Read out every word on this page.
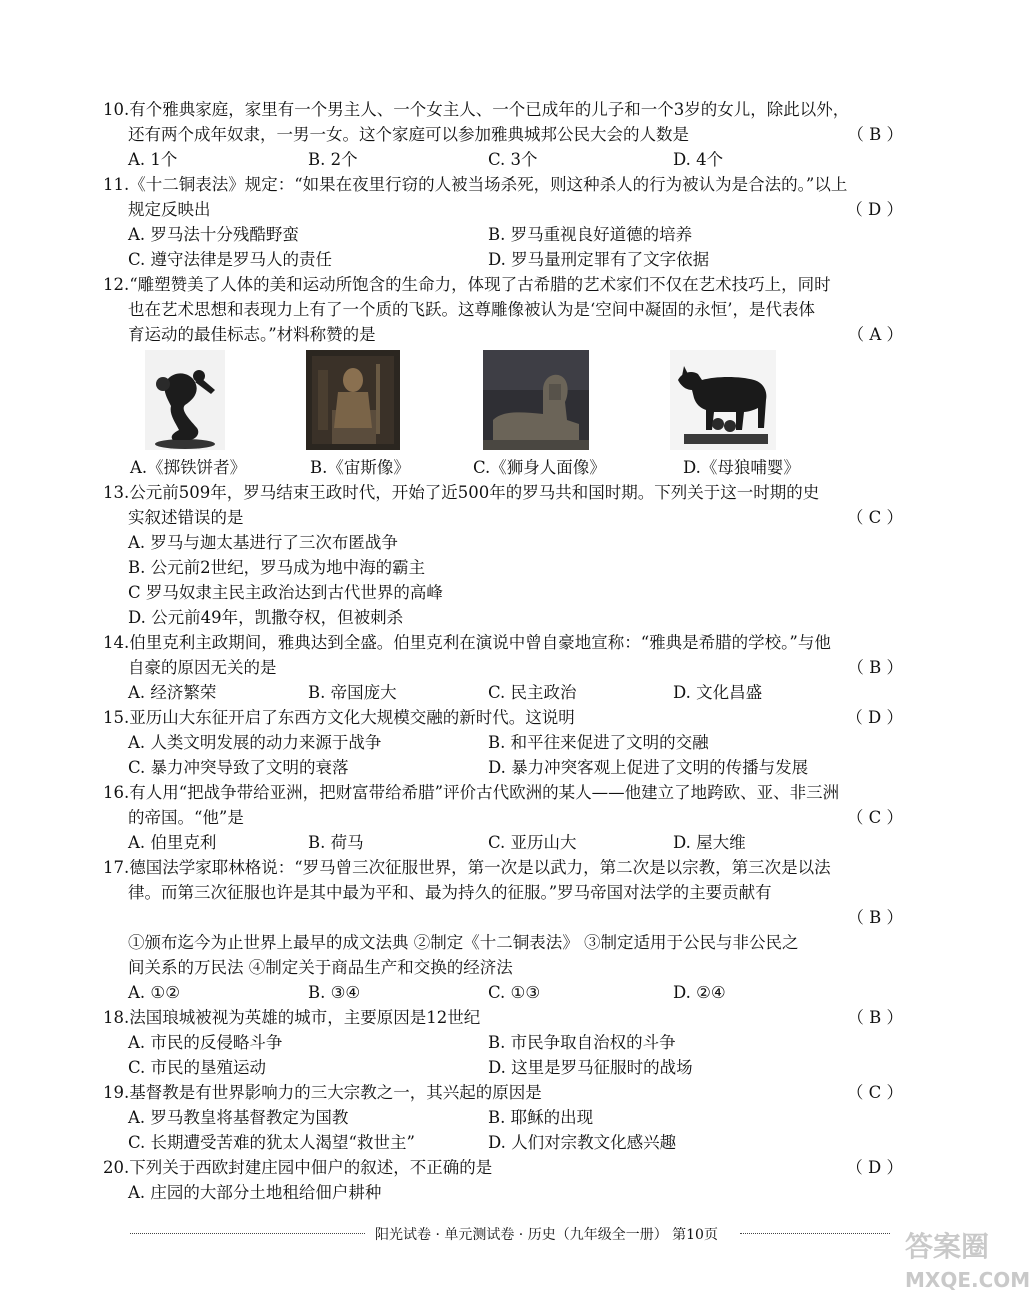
10.有个雅典家庭，家里有一个男主人、一个女主人、一个已成年的儿子和一个3岁的女儿，除此以外，
还有两个成年奴隶，一男一女。这个家庭可以参加雅典城邦公民大会的人数是	（ B ）
A. 1个	B. 2个	C. 3个	D. 4个
11.《十二铜表法》规定：“如果在夜里行窃的人被当场杀死，则这种杀人的行为被认为是合法的。”以上
规定反映出	（ D ）
A. 罗马法十分残酷野蛮	B. 罗马重视良好道德的培养
C. 遵守法律是罗马人的责任	D. 罗马量刑定罪有了文字依据
12.“雕塑赞美了人体的美和运动所饱含的生命力，体现了古希腊的艺术家们不仅在艺术技巧上，同时
也在艺术思想和表现力上有了一个质的飞跃。这尊雕像被认为是‘空间中凝固的永恒’，是代表体
育运动的最佳标志。”材料称赞的是	（ A ）
A.《掷铁饼者》	B.《宙斯像》	C.《狮身人面像》	D.《母狼哺婴》
13.公元前509年，罗马结束王政时代，开始了近500年的罗马共和国时期。下列关于这一时期的史
实叙述错误的是	（ C ）
A. 罗马与迦太基进行了三次布匿战争
B. 公元前2世纪，罗马成为地中海的霸主
C 罗马奴隶主民主政治达到古代世界的高峰
D. 公元前49年，凯撒夺权，但被刺杀
14.伯里克利主政期间，雅典达到全盛。伯里克利在演说中曾自豪地宣称：“雅典是希腊的学校。”与他
自豪的原因无关的是	（ B ）
A. 经济繁荣	B. 帝国庞大	C. 民主政治	D. 文化昌盛
15.亚历山大东征开启了东西方文化大规模交融的新时代。这说明	（ D ）
A. 人类文明发展的动力来源于战争	B. 和平往来促进了文明的交融
C. 暴力冲突导致了文明的衰落	D. 暴力冲突客观上促进了文明的传播与发展
16.有人用“把战争带给亚洲，把财富带给希腊”评价古代欧洲的某人——他建立了地跨欧、亚、非三洲
的帝国。“他”是	（ C ）
A. 伯里克利	B. 荷马	C. 亚历山大	D. 屋大维
17.德国法学家耶林格说：“罗马曾三次征服世界，第一次是以武力，第二次是以宗教，第三次是以法
律。而第三次征服也许是其中最为平和、最为持久的征服。”罗马帝国对法学的主要贡献有
（ B ）
①颁布迄今为止世界上最早的成文法典 ②制定《十二铜表法》 ③制定适用于公民与非公民之
间关系的万民法 ④制定关于商品生产和交换的经济法
A. ①②	B. ③④	C. ①③	D. ②④
18.法国琅城被视为英雄的城市，主要原因是12世纪	（ B ）
A. 市民的反侵略斗争	B. 市民争取自治权的斗争
C. 市民的垦殖运动	D. 这里是罗马征服时的战场
19.基督教是有世界影响力的三大宗教之一，其兴起的原因是	（ C ）
A. 罗马教皇将基督教定为国教	B. 耶稣的出现
C. 长期遭受苦难的犹太人渴望“救世主”	D. 人们对宗教文化感兴趣
20.下列关于西欧封建庄园中佃户的叙述，不正确的是	（ D ）
A. 庄园的大部分土地租给佃户耕种
阳光试卷 · 单元测试卷 · 历史（九年级全一册） 第10页	答案圈
MXQE.COM
